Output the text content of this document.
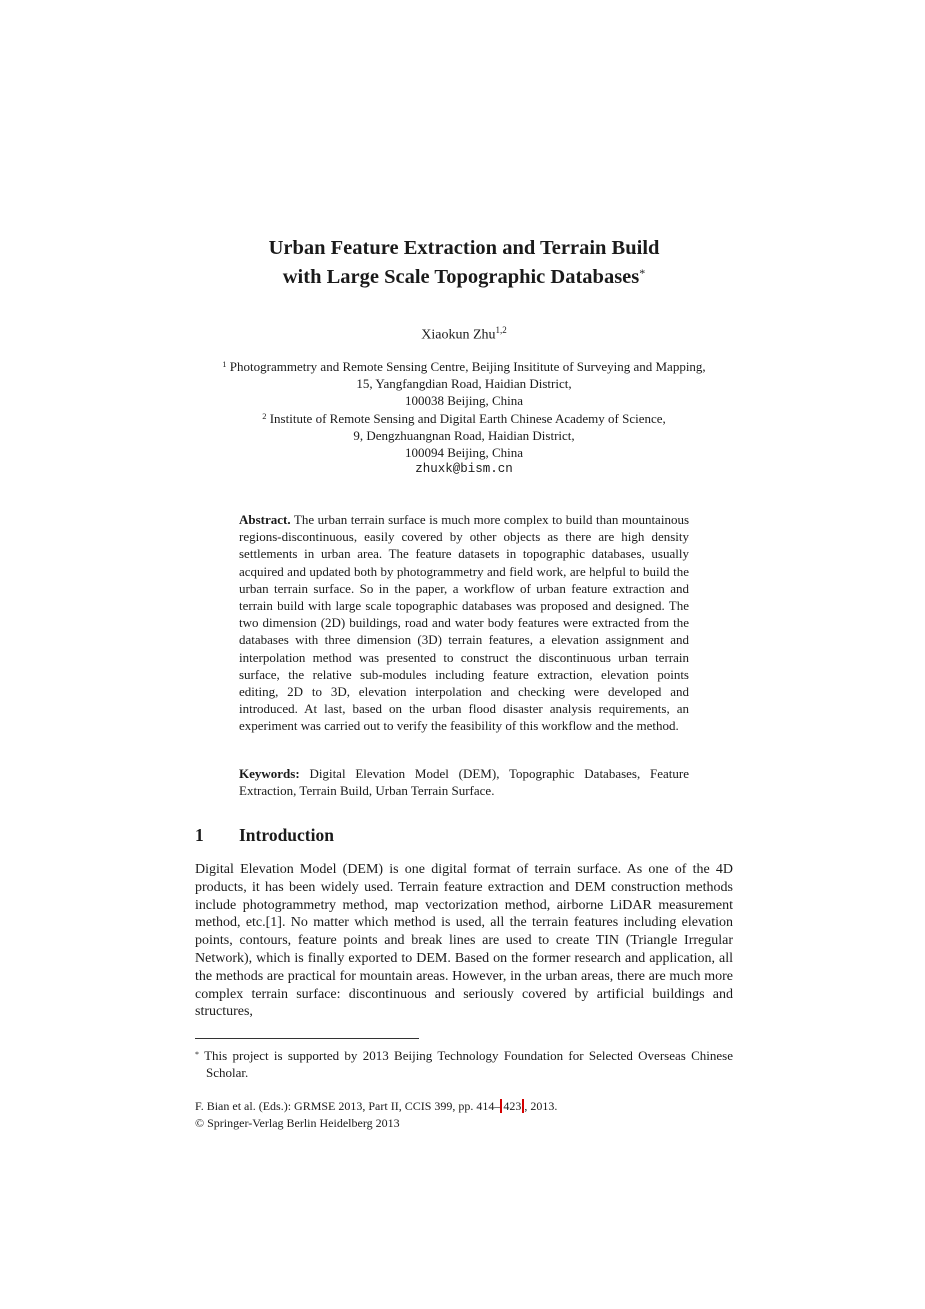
Urban Feature Extraction and Terrain Build
with Large Scale Topographic Databases*
Xiaokun Zhu$^{1,2}$
$^1$ Photogrammetry and Remote Sensing Centre, Beijing Insititute of Surveying and Mapping,
15, Yangfangdian Road, Haidian District,
100038 Beijing, China
$^2$ Institute of Remote Sensing and Digital Earth Chinese Academy of Science,
9, Dengzhuangnan Road, Haidian District,
100094 Beijing, China
zhuxk@bism.cn

Abstract. The urban terrain surface is much more complex to build than mountainous regions-discontinuous, easily covered by other objects as there are high density settlements in urban area. The feature datasets in topographic databases, usually acquired and updated both by photogrammetry and field work, are helpful to build the urban terrain surface. So in the paper, a workflow of urban feature extraction and terrain build with large scale topographic databases was proposed and designed. The two dimension (2D) buildings, road and water body features were extracted from the databases with three dimension (3D) terrain features, a elevation assignment and interpolation method was presented to construct the discontinuous urban terrain surface, the relative sub-modules including feature extraction, elevation points editing, 2D to 3D, elevation interpolation and checking were developed and introduced. At last, based on the urban flood disaster analysis requirements, an experiment was carried out to verify the feasibility of this workflow and the method.

Keywords: Digital Elevation Model (DEM), Topographic Databases, Feature Extraction, Terrain Build, Urban Terrain Surface.

1 Introduction

Digital Elevation Model (DEM) is one digital format of terrain surface. As one of the 4D products, it has been widely used. Terrain feature extraction and DEM construction methods include photogrammetry method, map vectorization method, airborne LiDAR measurement method, etc.[1]. No matter which method is used, all the terrain features including elevation points, contours, feature points and break lines are used to create TIN (Triangle Irregular Network), which is finally exported to DEM. Based on the former research and application, all the methods are practical for mountain areas. However, in the urban areas, there are much more complex terrain surface: discontinuous and seriously covered by artificial buildings and structures,

* This project is supported by 2013 Beijing Technology Foundation for Selected Overseas Chinese Scholar.

F. Bian et al. (Eds.): GRMSE 2013, Part II, CCIS 399, pp. 414– 423 , 2013.
© Springer-Verlag Berlin Heidelberg 2013
